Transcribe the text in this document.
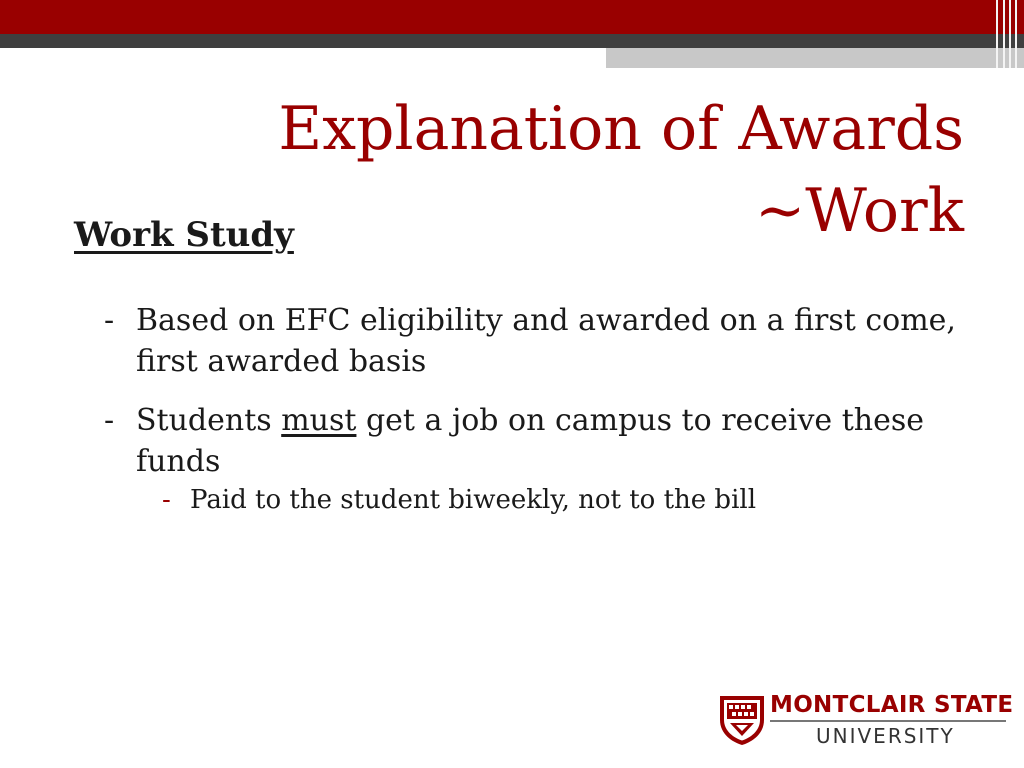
Explanation of Awards
~Work
Work Study
- Based on EFC eligibility and awarded on a first come, first awarded basis
- Students must get a job on campus to receive these funds
- Paid to the student biweekly, not to the bill

MONTCLAIR STATE

UNIVERSITY
